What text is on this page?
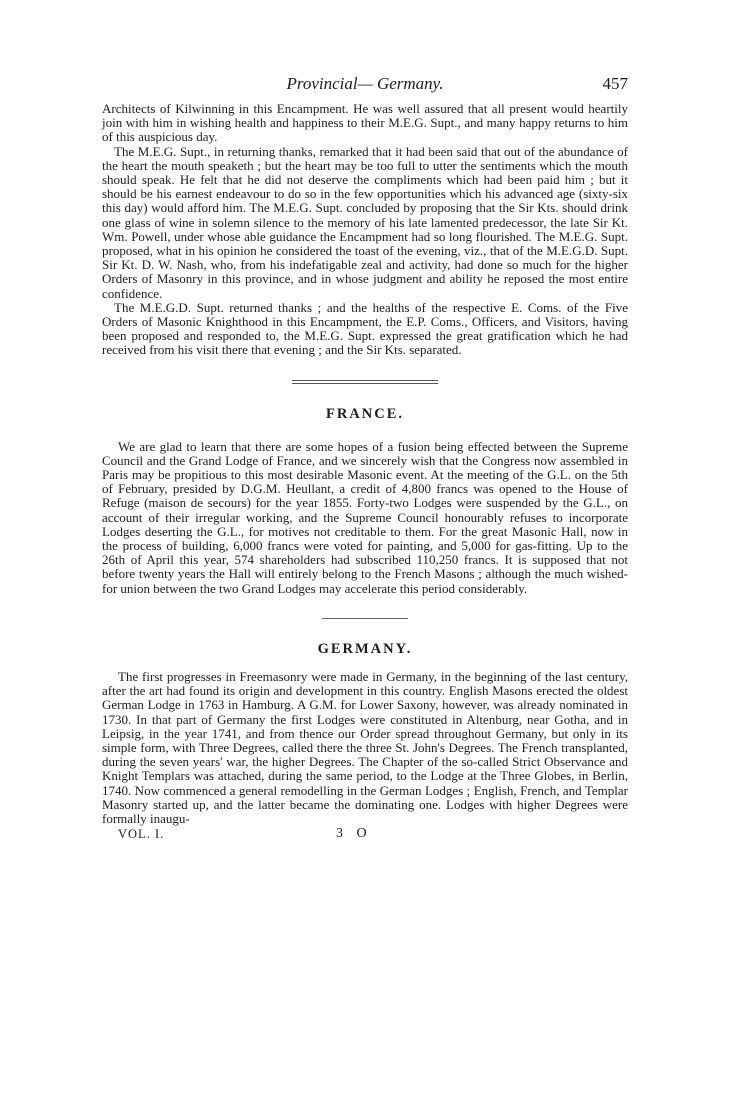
Provincial— Germany.	457

Architects of Kilwinning in this Encampment. He was well assured that all present would heartily join with him in wishing health and happiness to their M.E.G. Supt., and many happy returns to him of this auspicious day.

The M.E.G. Supt., in returning thanks, remarked that it had been said that out of the abundance of the heart the mouth speaketh ; but the heart may be too full to utter the sentiments which the mouth should speak. He felt that he did not deserve the compliments which had been paid him ; but it should be his earnest endeavour to do so in the few opportunities which his advanced age (sixty-six this day) would afford him. The M.E.G. Supt. concluded by proposing that the Sir Kts. should drink one glass of wine in solemn silence to the memory of his late lamented predecessor, the late Sir Kt. Wm. Powell, under whose able guidance the Encampment had so long flourished. The M.E.G. Supt. proposed, what in his opinion he considered the toast of the evening, viz., that of the M.E.G.D. Supt. Sir Kt. D. W. Nash, who, from his indefatigable zeal and activity, had done so much for the higher Orders of Masonry in this province, and in whose judgment and ability he reposed the most entire confidence.

The M.E.G.D. Supt. returned thanks ; and the healths of the respective E. Coms. of the Five Orders of Masonic Knighthood in this Encampment, the E.P. Coms., Officers, and Visitors, having been proposed and responded to, the M.E.G. Supt. expressed the great gratification which he had received from his visit there that evening ; and the Sir Kts. separated.

FRANCE.

We are glad to learn that there are some hopes of a fusion being effected between the Supreme Council and the Grand Lodge of France, and we sincerely wish that the Congress now assembled in Paris may be propitious to this most desirable Masonic event. At the meeting of the G.L. on the 5th of February, presided by D.G.M. Heullant, a credit of 4,800 francs was opened to the House of Refuge (maison de secours) for the year 1855. Forty-two Lodges were suspended by the G.L., on account of their irregular working, and the Supreme Council honourably refuses to incorporate Lodges deserting the G.L., for motives not creditable to them. For the great Masonic Hall, now in the process of building, 6,000 francs were voted for painting, and 5,000 for gas-fitting. Up to the 26th of April this year, 574 shareholders had subscribed 110,250 francs. It is supposed that not before twenty years the Hall will entirely belong to the French Masons ; although the much wished-for union between the two Grand Lodges may accelerate this period considerably.

GERMANY.

The first progresses in Freemasonry were made in Germany, in the beginning of the last century, after the art had found its origin and development in this country. English Masons erected the oldest German Lodge in 1763 in Hamburg. A G.M. for Lower Saxony, however, was already nominated in 1730. In that part of Germany the first Lodges were constituted in Altenburg, near Gotha, and in Leipsig, in the year 1741, and from thence our Order spread throughout Germany, but only in its simple form, with Three Degrees, called there the three St. John's Degrees. The French transplanted, during the seven years' war, the higher Degrees. The Chapter of the so-called Strict Observance and Knight Templars was attached, during the same period, to the Lodge at the Three Globes, in Berlin, 1740. Now commenced a general remodelling in the German Lodges ; English, French, and Templar Masonry started up, and the latter became the dominating one. Lodges with higher Degrees were formally inaugu-

VOL. I.	3 O
